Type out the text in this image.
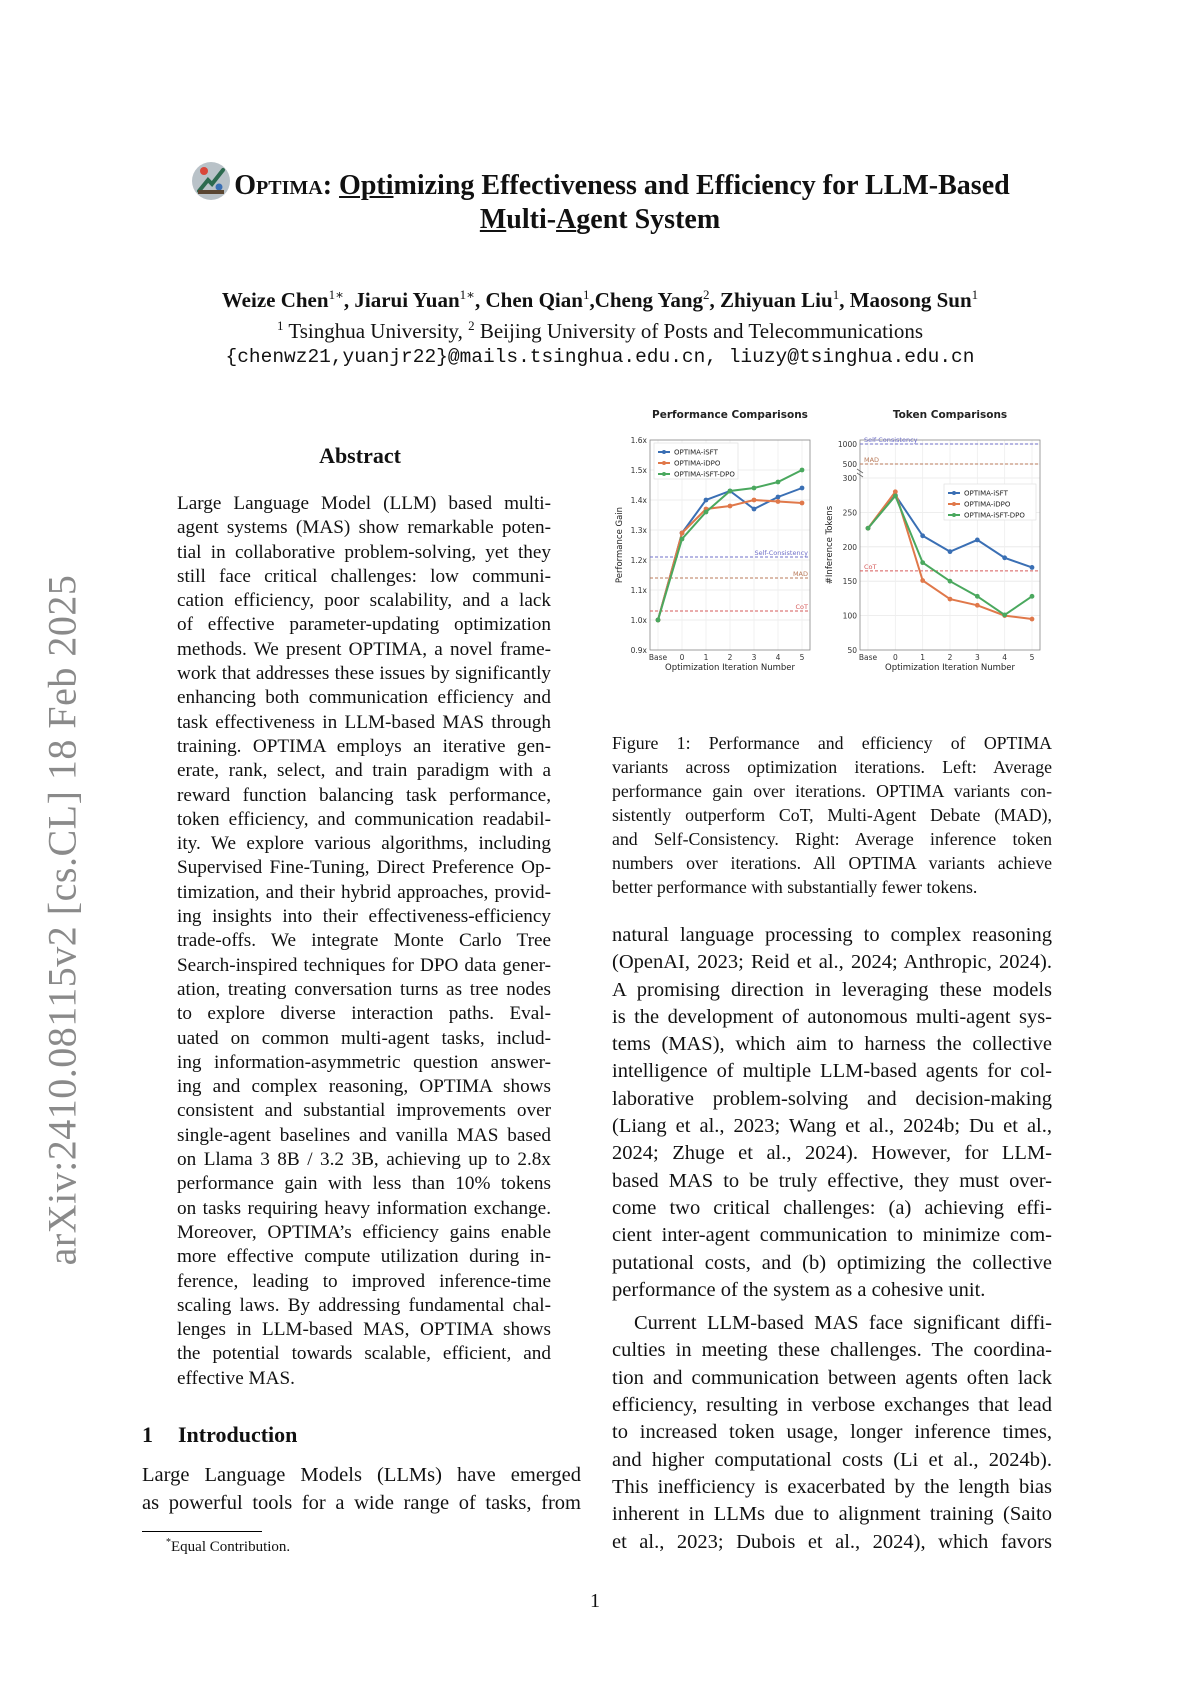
arXiv:2410.08115v2 [cs.CL] 18 Feb 2025
Optima: Optimizing Effectiveness and Efficiency for LLM-Based
Multi-Agent System
Weize Chen$^{1∗}$, Jiarui Yuan$^{1∗}$, Chen Qian$^1$,Cheng Yang$^2$, Zhiyuan Liu$^1$, Maosong Sun$^1$
$^1$ Tsinghua University, $^2$ Beijing University of Posts and Telecommunications
{chenwz21,yuanjr22}@mails.tsinghua.edu.cn, liuzy@tsinghua.edu.cn
Abstract
Large Language Model (LLM) based multi-
agent systems (MAS) show remarkable poten-
tial in collaborative problem-solving, yet they
still face critical challenges: low communi-
cation efficiency, poor scalability, and a lack
of effective parameter-updating optimization
methods. We present OPTIMA, a novel frame-
work that addresses these issues by significantly
enhancing both communication efficiency and
task effectiveness in LLM-based MAS through
training. OPTIMA employs an iterative gen-
erate, rank, select, and train paradigm with a
reward function balancing task performance,
token efficiency, and communication readabil-
ity. We explore various algorithms, including
Supervised Fine-Tuning, Direct Preference Op-
timization, and their hybrid approaches, provid-
ing insights into their effectiveness-efficiency
trade-offs. We integrate Monte Carlo Tree
Search-inspired techniques for DPO data gener-
ation, treating conversation turns as tree nodes
to explore diverse interaction paths. Eval-
uated on common multi-agent tasks, includ-
ing information-asymmetric question answer-
ing and complex reasoning, OPTIMA shows
consistent and substantial improvements over
single-agent baselines and vanilla MAS based
on Llama 3 8B / 3.2 3B, achieving up to 2.8x
performance gain with less than 10% tokens
on tasks requiring heavy information exchange.
Moreover, OPTIMA’s efficiency gains enable
more effective compute utilization during in-
ference, leading to improved inference-time
scaling laws. By addressing fundamental chal-
lenges in LLM-based MAS, OPTIMA shows
the potential towards scalable, efficient, and
effective MAS.
1 Introduction
Large Language Models (LLMs) have emerged
as powerful tools for a wide range of tasks, from
*Equal Contribution.
1
Performance Comparisons
0.9x
1.0x
1.1x
1.2x
1.3x
1.4x
1.5x
1.6x
Base 0	1	2	3	4	5
Optimization Iteration Number
Performance Gain	Self-Consistency
MAD
CoT
OPTIMA-iSFT
OPTIMA-iDPO
OPTIMA-iSFT-DPO
Token Comparisons
50
100
150
200
250
300
500
1000
Base 0	1	2	3	4	5
Optimization Iteration Number
#Inference Tokens
Self-Consistency
MAD
CoT
OPTIMA-iSFT
OPTIMA-iDPO
OPTIMA-iSFT-DPO
Figure 1: Performance and efficiency of OPTIMA
variants across optimization iterations. Left: Average
performance gain over iterations. OPTIMA variants con-
sistently outperform CoT, Multi-Agent Debate (MAD),
and Self-Consistency. Right: Average inference token
numbers over iterations. All OPTIMA variants achieve
better performance with substantially fewer tokens.
natural language processing to complex reasoning
(OpenAI, 2023; Reid et al., 2024; Anthropic, 2024).
A promising direction in leveraging these models
is the development of autonomous multi-agent sys-
tems (MAS), which aim to harness the collective
intelligence of multiple LLM-based agents for col-
laborative problem-solving and decision-making
(Liang et al., 2023; Wang et al., 2024b; Du et al.,
2024; Zhuge et al., 2024). However, for LLM-
based MAS to be truly effective, they must over-
come two critical challenges: (a) achieving effi-
cient inter-agent communication to minimize com-
putational costs, and (b) optimizing the collective
performance of the system as a cohesive unit.
Current LLM-based MAS face significant diffi-
culties in meeting these challenges. The coordina-
tion and communication between agents often lack
efficiency, resulting in verbose exchanges that lead
to increased token usage, longer inference times,
and higher computational costs (Li et al., 2024b).
This inefficiency is exacerbated by the length bias
inherent in LLMs due to alignment training (Saito
et al., 2023; Dubois et al., 2024), which favors
